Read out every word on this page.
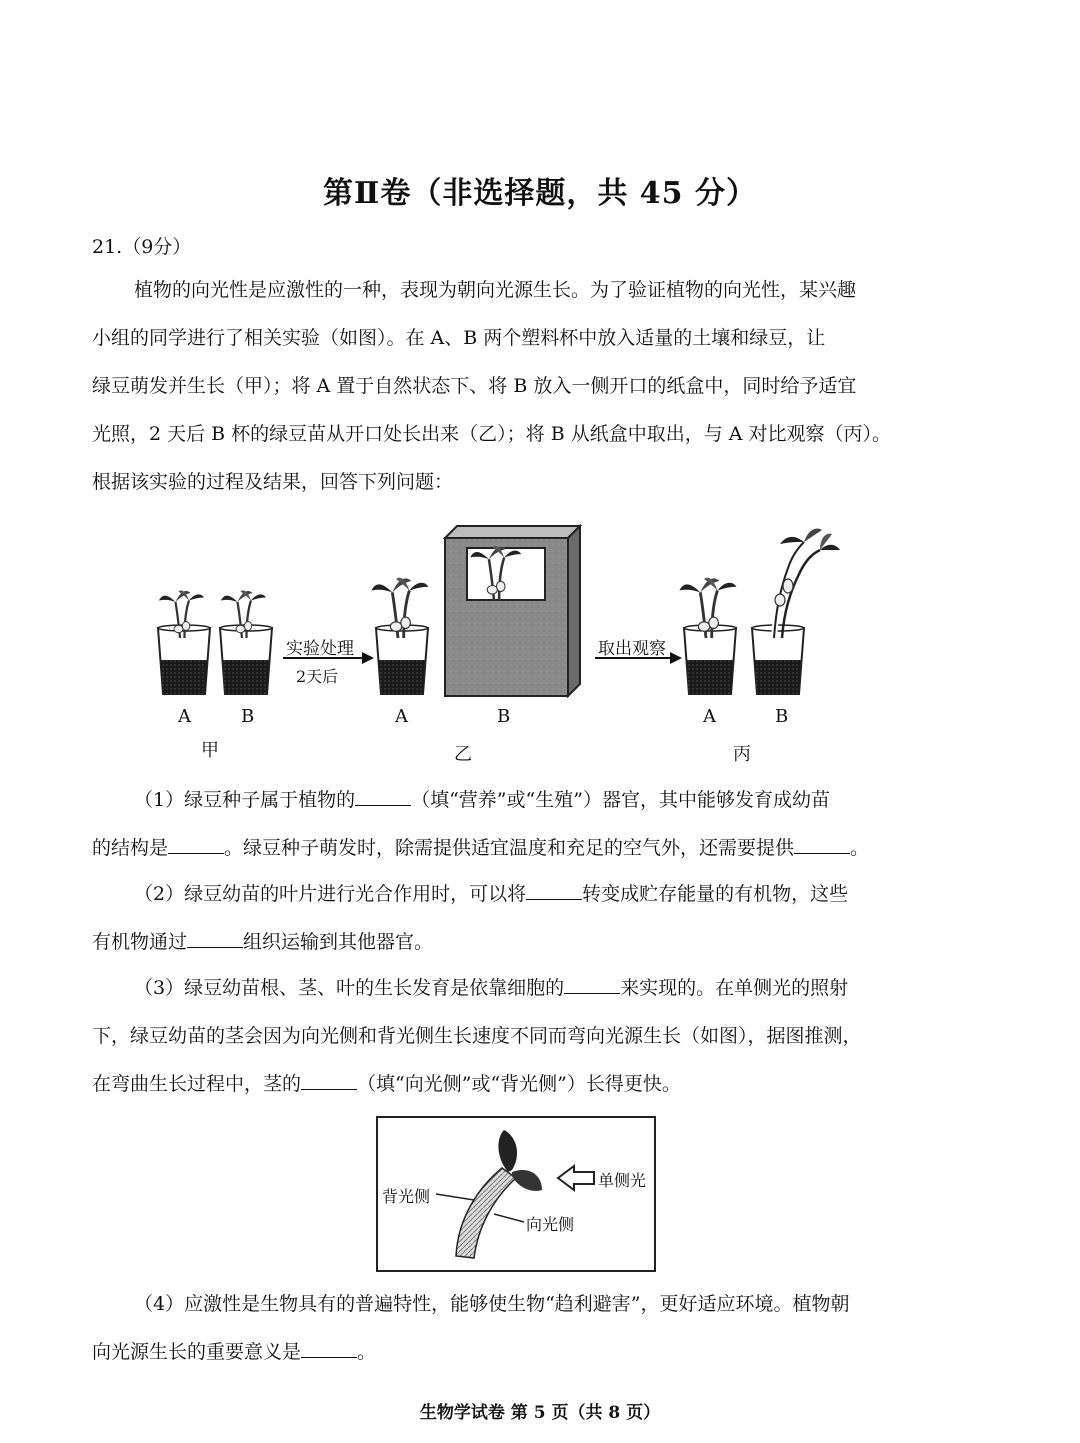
第Ⅱ卷（非选择题，共 45 分）
21.（9分）
植物的向光性是应激性的一种，表现为朝向光源生长。为了验证植物的向光性，某兴趣
小组的同学进行了相关实验（如图）。在 A、B 两个塑料杯中放入适量的土壤和绿豆，让
绿豆萌发并生长（甲）；将 A 置于自然状态下、将 B 放入一侧开口的纸盒中，同时给予适宜
光照，2 天后 B 杯的绿豆苗从开口处长出来（乙）；将 B 从纸盒中取出，与 A 对比观察（丙）。
根据该实验的过程及结果，回答下列问题：
实验处理
2天后
取出观察
A	B
甲
A	B
乙
A	B
丙
（1）绿豆种子属于植物的	（填“营养”或“生殖”）器官，其中能够发育成幼苗
的结构是	。绿豆种子萌发时，除需提供适宜温度和充足的空气外，还需要提供	。
（2）绿豆幼苗的叶片进行光合作用时，可以将	转变成贮存能量的有机物，这些
有机物通过	组织运输到其他器官。
（3）绿豆幼苗根、茎、叶的生长发育是依靠细胞的	来实现的。在单侧光的照射
下，绿豆幼苗的茎会因为向光侧和背光侧生长速度不同而弯向光源生长（如图），据图推测，
在弯曲生长过程中，茎的	（填“向光侧”或“背光侧”）长得更快。
背光侧
单侧光
向光侧
（4）应激性是生物具有的普遍特性，能够使生物“趋利避害”，更好适应环境。植物朝
向光源生长的重要意义是	。
生物学试卷 第 5 页（共 8 页）
